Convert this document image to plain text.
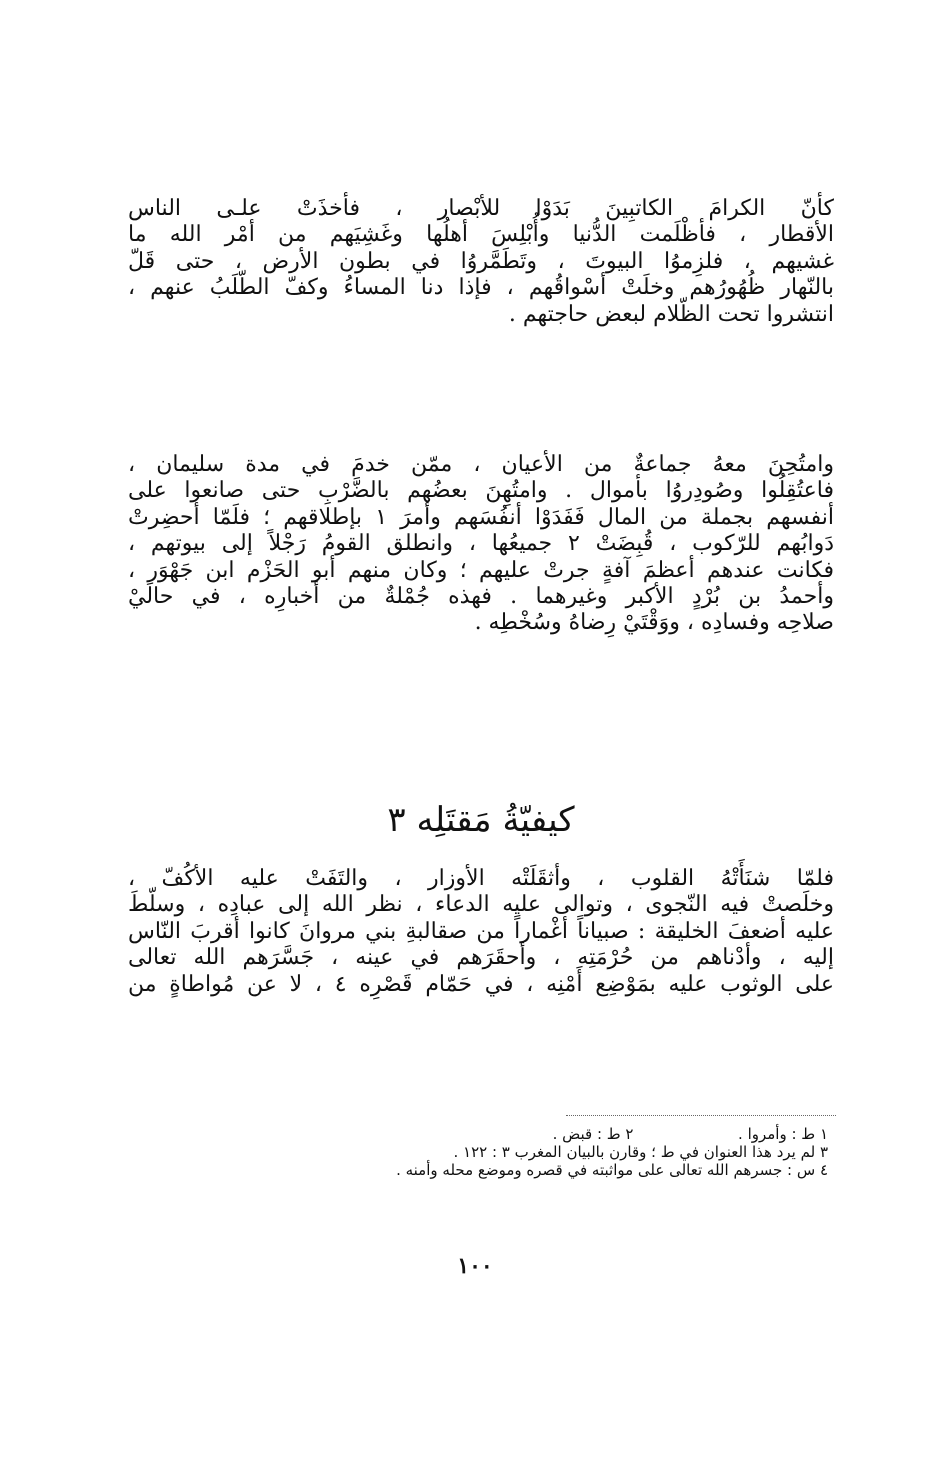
كأنّ الكرامَ الكاتبِينَ بَدَوْا للأبْصار ، فأخذَتْ علـى الناس
الأقطار ، فأظْلَمت الدُّنيا وأُبْلِسَ أهلُها وغَشِيَهم من أمْر الله ما
غشيهم ، فلزِموُا البيوتَ ، وتَطَمَّروُا في بطون الأرض ، حتى قَلّ
بالنّهار ظُهُورُهم وخلَتْ أسْواقُهم ، فإذا دنا المساءُ وكفّ الطّلَبُ عنهم ،
انتشروا تحت الظّلام لبعض حاجتهم .
وامتُحِنَ معهُ جماعةٌ من الأعيان ، ممّن خدمَ في مدة سليمان ،
فاعتُقِلُوا وصُودِروُا بأموال . وامتُهِنَ بعضُهم بالضَّرْبِ حتى صانعوا على
أنفسهم بجملة من المال فَفَدَوْا أنفُسَهم وأمرَ ١ بإطلاقهم ؛ فلَمّا أحضِرتْ
دَوابُهم للرّكوب ، قُبِضَتْ ٢ جميعُها ، وانطلق القومُ رَجْلاً إلى بيوتهم ،
فكانت عندهم أعظمَ آفةٍ جرتْ عليهم ؛ وكان منهم أبو الحَزْم ابن جَهْوَر ،
وأحمدُ بن بُرْدٍ الأكبر وغيرهما . فهذه جُمْلةٌ من أخبارِه ، في حالَيْ
صلاحِه وفسادِه ، ووَقْتَيْ رِضاهُ وسُخْطِه .
كيفيّةُ مَقتَلِه ٣
فلمّا شنَأَتْهُ القلوب ، وأثقَلَتْه الأوزار ، والتَفَتْ عليه الأكُفّ ،
وخلَصتْ فيه النّجوى ، وتوالى عليه الدعاء ، نظر الله إلى عبادِه ، وسلّطَ
عليه أضعفَ الخليقة : صبياناً أغْماراً من صقالبةِ بني مروانَ كانوا أقربَ النّاس
إليه ، وأدْناهم من حُرْمَتِه ، وأحقَرَهم في عينه ، جَسَّرَهم الله تعالى
على الوثوب عليه بمَوْضِع أَمْنِه ، في حَمّام قَصْرِه ٤ ، لا عن مُواطاةٍ من
١ ط : وأمروا .  ٢ ط : قبض .
٣ لم يرد هذا العنوان في ط ؛ وقارن بالبيان المغرب ٣ : ١٢٢ .
٤ س : جسرهم الله تعالى على مواثبته في قصره وموضع محله وأمنه .
١٠٠
